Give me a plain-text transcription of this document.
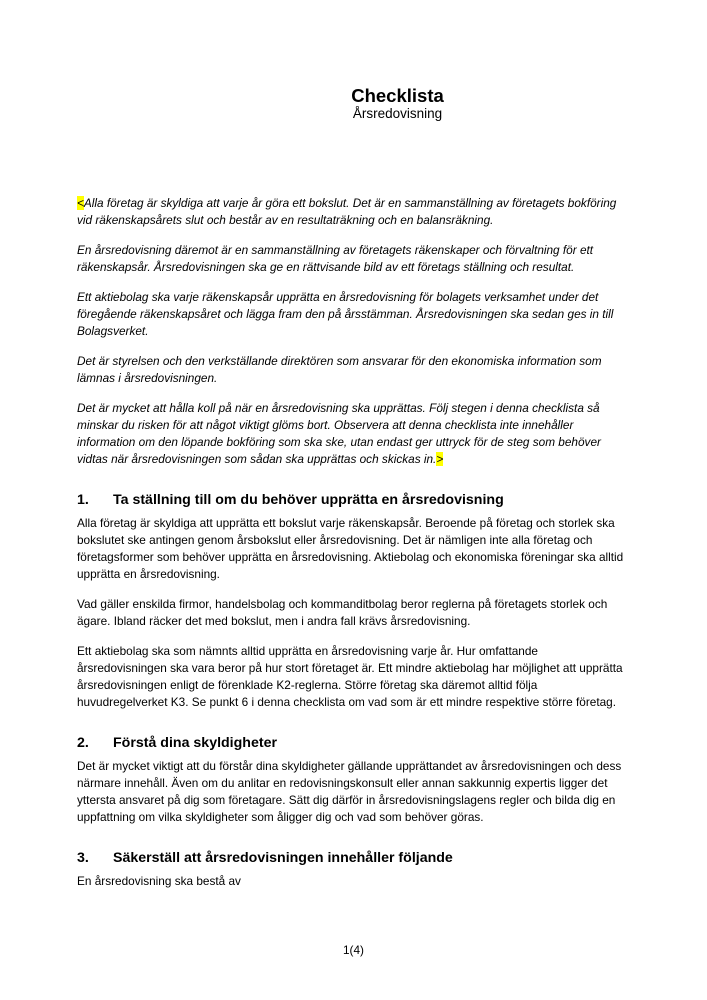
Checklista
Årsredovisning

<Alla företag är skyldiga att varje år göra ett bokslut. Det är en sammanställning av företagets bokföring vid räkenskapsårets slut och består av en resultaträkning och en balansräkning.

En årsredovisning däremot är en sammanställning av företagets räkenskaper och förvaltning för ett räkenskapsår. Årsredovisningen ska ge en rättvisande bild av ett företags ställning och resultat.

Ett aktiebolag ska varje räkenskapsår upprätta en årsredovisning för bolagets verksamhet under det föregående räkenskapsåret och lägga fram den på årsstämman. Årsredovisningen ska sedan ges in till Bolagsverket.

Det är styrelsen och den verkställande direktören som ansvarar för den ekonomiska information som lämnas i årsredovisningen.

Det är mycket att hålla koll på när en årsredovisning ska upprättas. Följ stegen i denna checklista så minskar du risken för att något viktigt glöms bort. Observera att denna checklista inte innehåller information om den löpande bokföring som ska ske, utan endast ger uttryck för de steg som behöver vidtas när årsredovisningen som sådan ska upprättas och skickas in.>

1. Ta ställning till om du behöver upprätta en årsredovisning

Alla företag är skyldiga att upprätta ett bokslut varje räkenskapsår. Beroende på företag och storlek ska bokslutet ske antingen genom årsbokslut eller årsredovisning. Det är nämligen inte alla företag och företagsformer som behöver upprätta en årsredovisning. Aktiebolag och ekonomiska föreningar ska alltid upprätta en årsredovisning.

Vad gäller enskilda firmor, handelsbolag och kommanditbolag beror reglerna på företagets storlek och ägare. Ibland räcker det med bokslut, men i andra fall krävs årsredovisning.

Ett aktiebolag ska som nämnts alltid upprätta en årsredovisning varje år. Hur omfattande årsredovisningen ska vara beror på hur stort företaget är. Ett mindre aktiebolag har möjlighet att upprätta årsredovisningen enligt de förenklade K2-reglerna. Större företag ska däremot alltid följa huvudregelverket K3. Se punkt 6 i denna checklista om vad som är ett mindre respektive större företag.

2. Förstå dina skyldigheter

Det är mycket viktigt att du förstår dina skyldigheter gällande upprättandet av årsredovisningen och dess närmare innehåll. Även om du anlitar en redovisningskonsult eller annan sakkunnig expertis ligger det yttersta ansvaret på dig som företagare. Sätt dig därför in årsredovisningslagens regler och bilda dig en uppfattning om vilka skyldigheter som åligger dig och vad som behöver göras.

3. Säkerställ att årsredovisningen innehåller följande

En årsredovisning ska bestå av

1(4)
